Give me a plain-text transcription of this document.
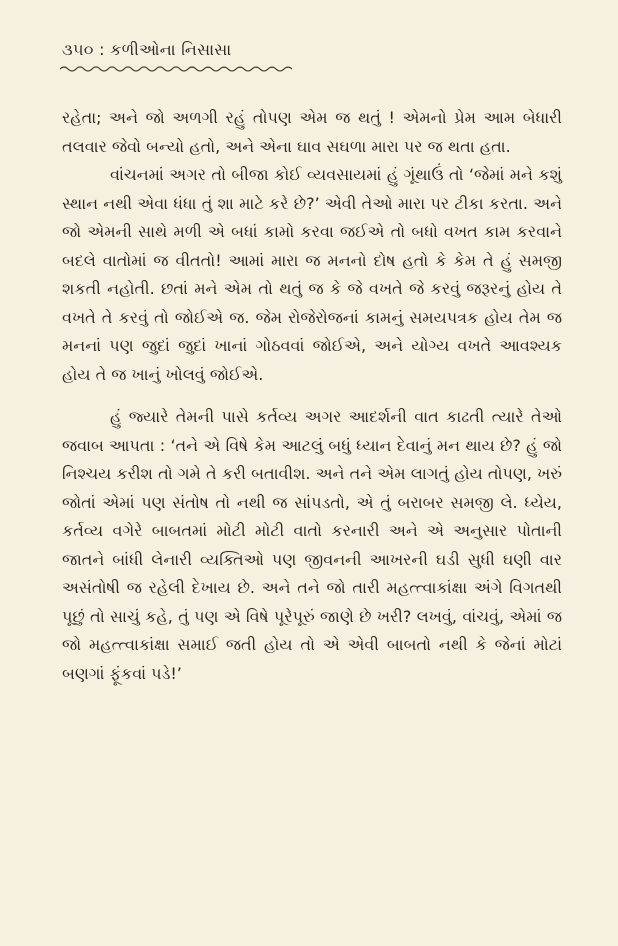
૩૫૦ : કળીઓના નિસાસા

રહેતા; અને જો અળગી રહું તોપણ એમ જ થતું ! એમનો પ્રેમ આમ બેધારી તલવાર જેવો બન્યો હતો, અને એના ઘાવ સઘળા મારા પર જ થતા હતા.

વાંચનમાં અગર તો બીજા કોઈ વ્યવસાયમાં હું ગૂંથાઉં તો ‘જેમાં મને કશું સ્થાન નથી એવા ધંધા તું શા માટે કરે છે?’ એવી તેઓ મારા પર ટીકા કરતા. અને જો એમની સાથે મળી એ બધાં કામો કરવા જઈએ તો બધો વખત કામ કરવાને બદલે વાતોમાં જ વીતતો! આમાં મારા જ મનનો દોષ હતો કે કેમ તે હું સમજી શકતી નહોતી. છતાં મને એમ તો થતું જ કે જે વખતે જે કરવું જરૂરનું હોય તે વખતે તે કરવું તો જોઈએ જ. જેમ રોજેરોજનાં કામનું સમયપત્રક હોય તેમ જ મનનાં પણ જુદાં જુદાં ખાનાં ગોઠવવાં જોઈએ, અને યોગ્ય વખતે આવશ્યક હોય તે જ ખાનું ખોલવું જોઈએ.

હું જ્યારે તેમની પાસે કર્તવ્ય અગર આદર્શની વાત કાઢતી ત્યારે તેઓ જવાબ આપતા : ‘તને એ વિષે કેમ આટલું બધું ધ્યાન દેવાનું મન થાય છે? હું જો નિશ્ચય કરીશ તો ગમે તે કરી બતાવીશ. અને તને એમ લાગતું હોય તોપણ, ખરું જોતાં એમાં પણ સંતોષ તો નથી જ સાંપડતો, એ તું બરાબર સમજી લે. ધ્યેય, કર્તવ્ય વગેરે બાબતમાં મોટી મોટી વાતો કરનારી અને એ અનુસાર પોતાની જાતને બાંધી લેનારી વ્યક્તિઓ પણ જીવનની આખરની ઘડી સુધી ઘણી વાર અસંતોષી જ રહેલી દેખાય છે. અને તને જો તારી મહત્ત્વાકાંક્ષા અંગે વિગતથી પૂછું તો સાચું કહે, તું પણ એ વિષે પૂરેપૂરું જાણે છે ખરી? લખવું, વાંચવું, એમાં જ જો મહત્ત્વાકાંક્ષા સમાઈ જતી હોય તો એ એવી બાબતો નથી કે જેનાં મોટાં બણગાં ફૂંકવાં પડે!’
